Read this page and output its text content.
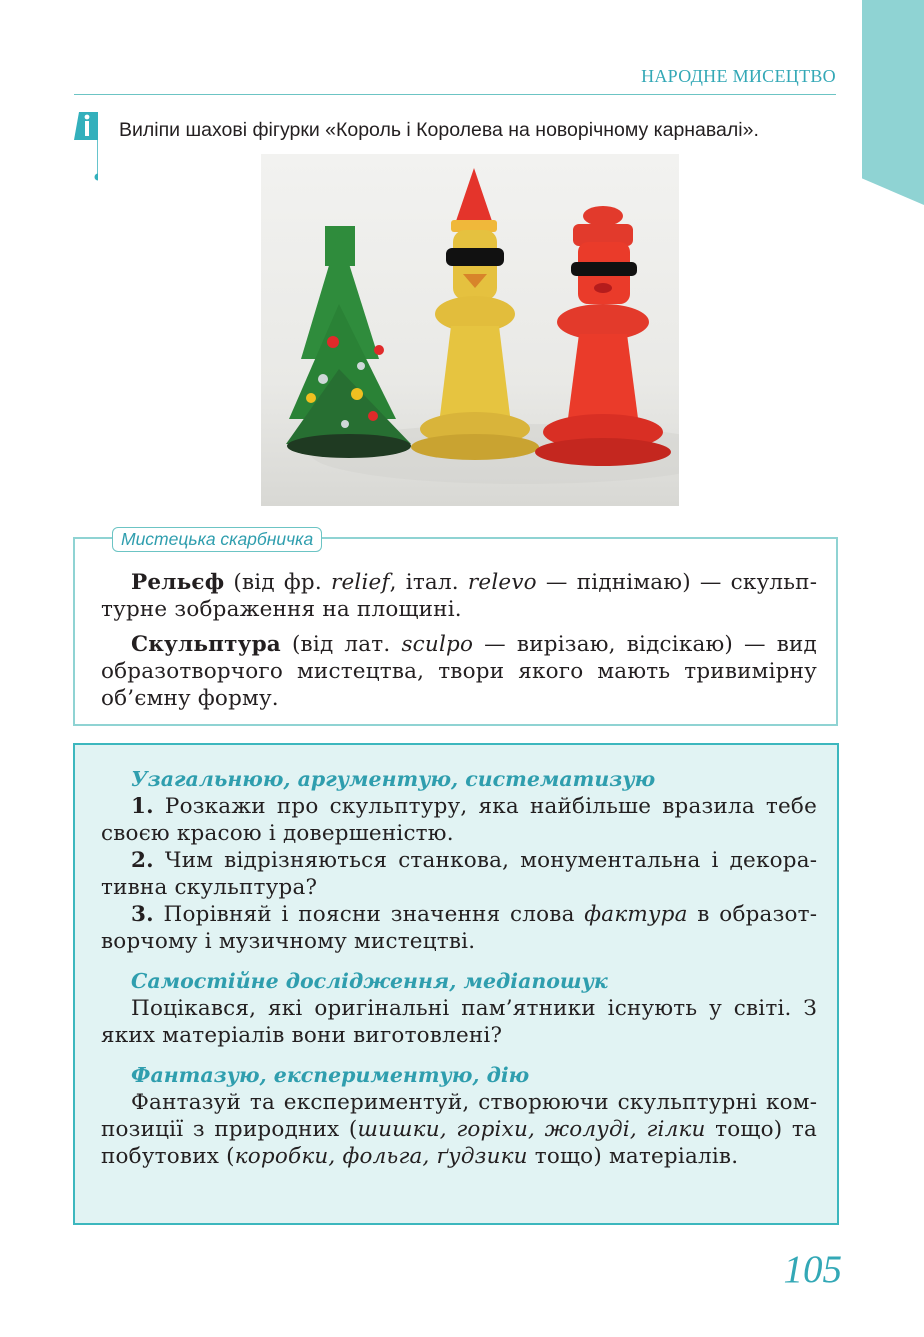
НАРОДНЕ МИСЕЦТВО
Виліпи шахові фігурки «Король і Королева на новорічному карнавалі».
Мистецька скарбничка

Рельєф (від фр. relief, італ. relevo — піднімаю) — скульптурне зображення на площині.

Скульптура (від лат. sculpo — вирізаю, відсікаю) — вид образотворчого мистецтва, твори якого мають тривимірну об’ємну форму.

Узагальнюю, аргументую, систематизую

1. Розкажи про скульптуру, яка найбільше вразила тебе своєю красою і довершеністю.

2. Чим відрізняються станкова, монументальна і декоративна скульптура?

3. Порівняй і поясни значення слова фактура в образотворчому і музичному мистецтві.

Самостійне дослідження, медіапошук

Поцікався, які оригінальні пам’ятники існують у світі. З яких матеріалів вони виготовлені?

Фантазую, експериментую, дію

Фантазуй та експериментуй, створюючи скульптурні композиції з природних (шишки, горіхи, жолуді, гілки тощо) та побутових (коробки, фольга, ґудзики тощо) матеріалів.

105
